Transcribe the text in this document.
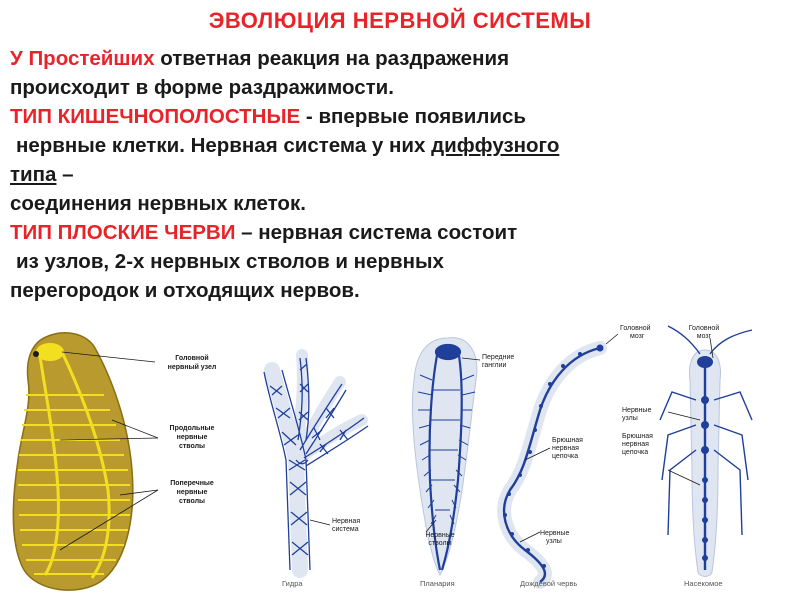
ЭВОЛЮЦИЯ НЕРВНОЙ СИСТЕМЫ
У Простейших ответная реакция на раздражения
происходит в форме раздражимости.
ТИП КИШЕЧНОПОЛОСТНЫЕ - впервые появились
нервные клетки. Нервная система у них диффузного
типа –
соединения нервных клеток.
ТИП ПЛОСКИЕ ЧЕРВИ – нервная система состоит
из узлов, 2-х нервных стволов и нервных
перегородок и отходящих нервов.
Головной
нервный узел
Продольные
нервные
стволы
Поперечные
нервные
стволы
Нервная
система
Передние
ганглии
Нервные
стволы
Головной
мозг
Брюшная
нервная
цепочка
Нервные
узлы
Головной
мозг
Нервные
узлы
Брюшная
нервная
цепочка
Гидра	Планария	Дождевой червь	Насекомое
